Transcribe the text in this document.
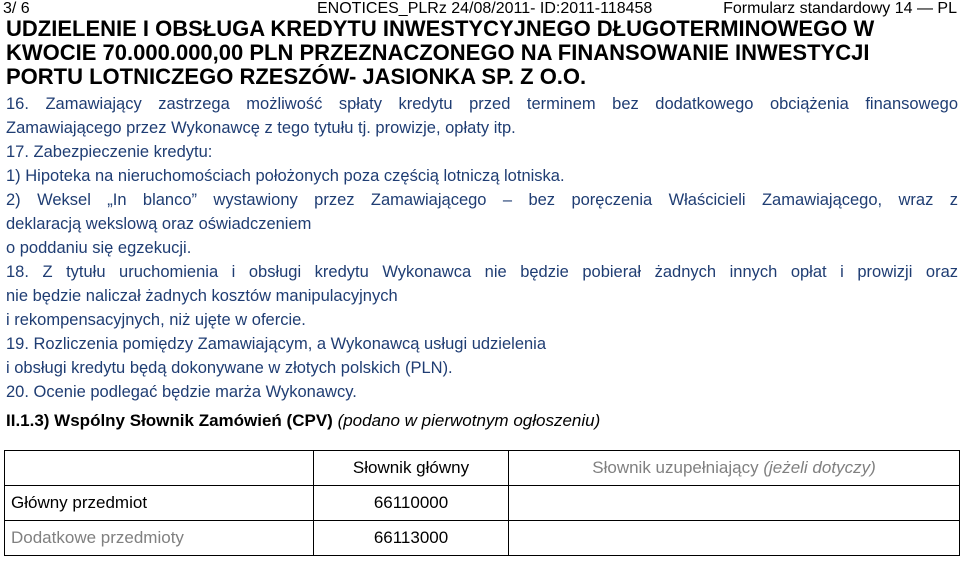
3/ 6	ENOTICES_PLRz 24/08/2011- ID:2011-118458	Formularz standardowy 14 — PL
UDZIELENIE I OBSŁUGA KREDYTU INWESTYCYJNEGO DŁUGOTERMINOWEGO W
KWOCIE 70.000.000,00 PLN PRZEZNACZONEGO NA FINANSOWANIE INWESTYCJI
PORTU LOTNICZEGO RZESZÓW- JASIONKA SP. Z O.O.

16. Zamawiający zastrzega możliwość spłaty kredytu przed terminem bez dodatkowego obciążenia finansowego

Zamawiającego przez Wykonawcę z tego tytułu tj. prowizje, opłaty itp.

17. Zabezpieczenie kredytu:

1) Hipoteka na nieruchomościach położonych poza częścią lotniczą lotniska.

2) Weksel „In blanco” wystawiony przez Zamawiającego – bez poręczenia Właścicieli Zamawiającego, wraz z

deklaracją wekslową oraz oświadczeniem

o poddaniu się egzekucji.

18. Z tytułu uruchomienia i obsługi kredytu Wykonawca nie będzie pobierał żadnych innych opłat i prowizji oraz

nie będzie naliczał żadnych kosztów manipulacyjnych

i rekompensacyjnych, niż ujęte w ofercie.

19. Rozliczenia pomiędzy Zamawiającym, a Wykonawcą usługi udzielenia

i obsługi kredytu będą dokonywane w złotych polskich (PLN).

20. Ocenie podlegać będzie marża Wykonawcy.

II.1.3) Wspólny Słownik Zamówień (CPV) (podano w pierwotnym ogłoszeniu)
	Słownik główny	Słownik uzupełniający (jeżeli dotyczy)
Główny przedmiot	66110000	
Dodatkowe przedmioty	66113000	
